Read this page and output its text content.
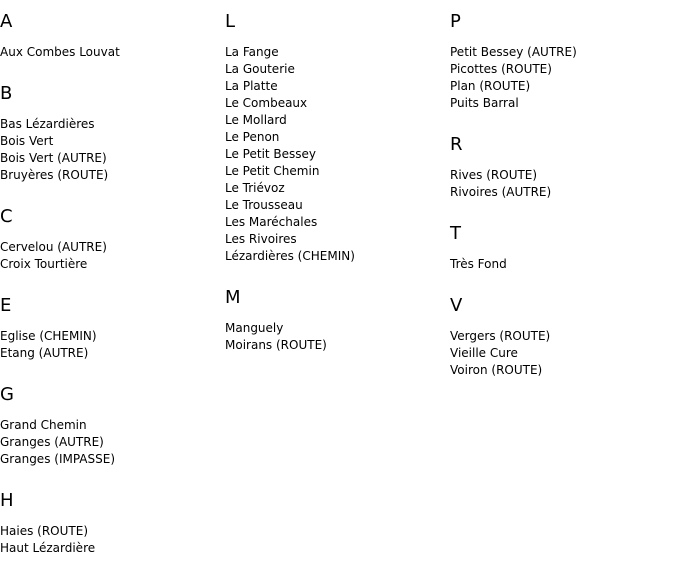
A
Aux Combes Louvat
B
Bas Lézardières
Bois Vert
Bois Vert (AUTRE)
Bruyères (ROUTE)
C
Cervelou (AUTRE)
Croix Tourtière
E
Eglise (CHEMIN)
Etang (AUTRE)
G
Grand Chemin
Granges (AUTRE)
Granges (IMPASSE)
H
Haies (ROUTE)
Haut Lézardière
L
La Fange
La Gouterie
La Platte
Le Combeaux
Le Mollard
Le Penon
Le Petit Bessey
Le Petit Chemin
Le Triévoz
Le Trousseau
Les Maréchales
Les Rivoires
Lézardières (CHEMIN)
M
Manguely
Moirans (ROUTE)
P
Petit Bessey (AUTRE)
Picottes (ROUTE)
Plan (ROUTE)
Puits Barral
R
Rives (ROUTE)
Rivoires (AUTRE)
T
Très Fond
V
Vergers (ROUTE)
Vieille Cure
Voiron (ROUTE)
